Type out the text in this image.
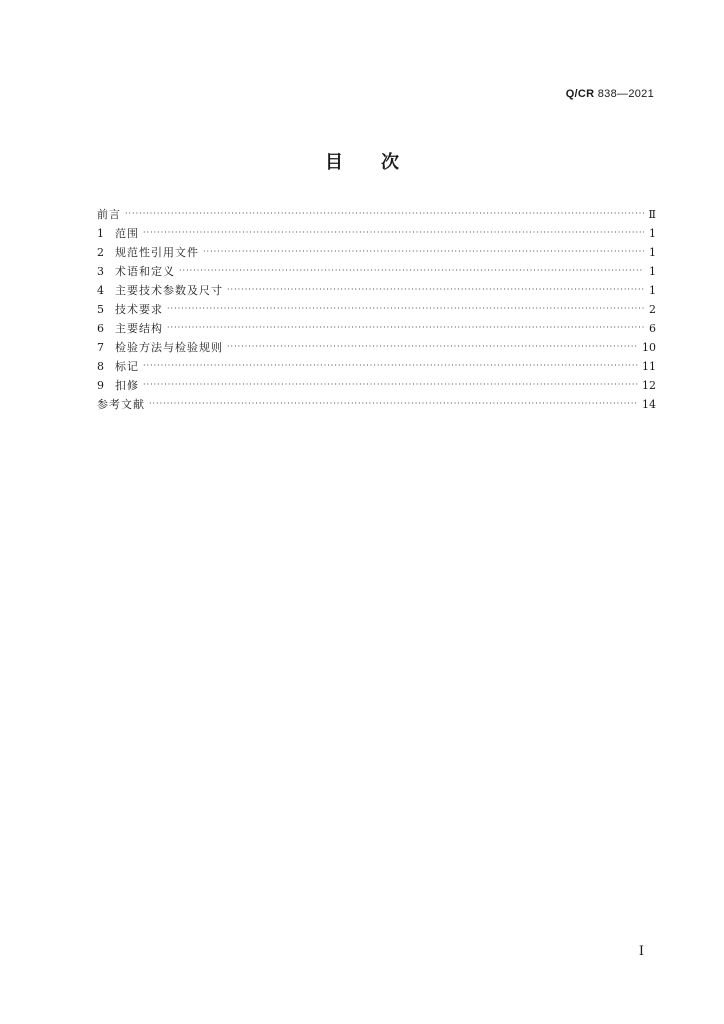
Q/CR 838—2021
目次
前言 ·····	Ⅱ
1	范围 ·····	1
2	规范性引用文件 ·····	1
3	术语和定义 ·····	1
4	主要技术参数及尺寸 ·····	1
5	技术要求 ·····	2
6	主要结构 ·····	6
7	检验方法与检验规则 ·····	10
8	标记 ·····	11
9	扣修 ·····	12
参考文献 ·····	14
I
